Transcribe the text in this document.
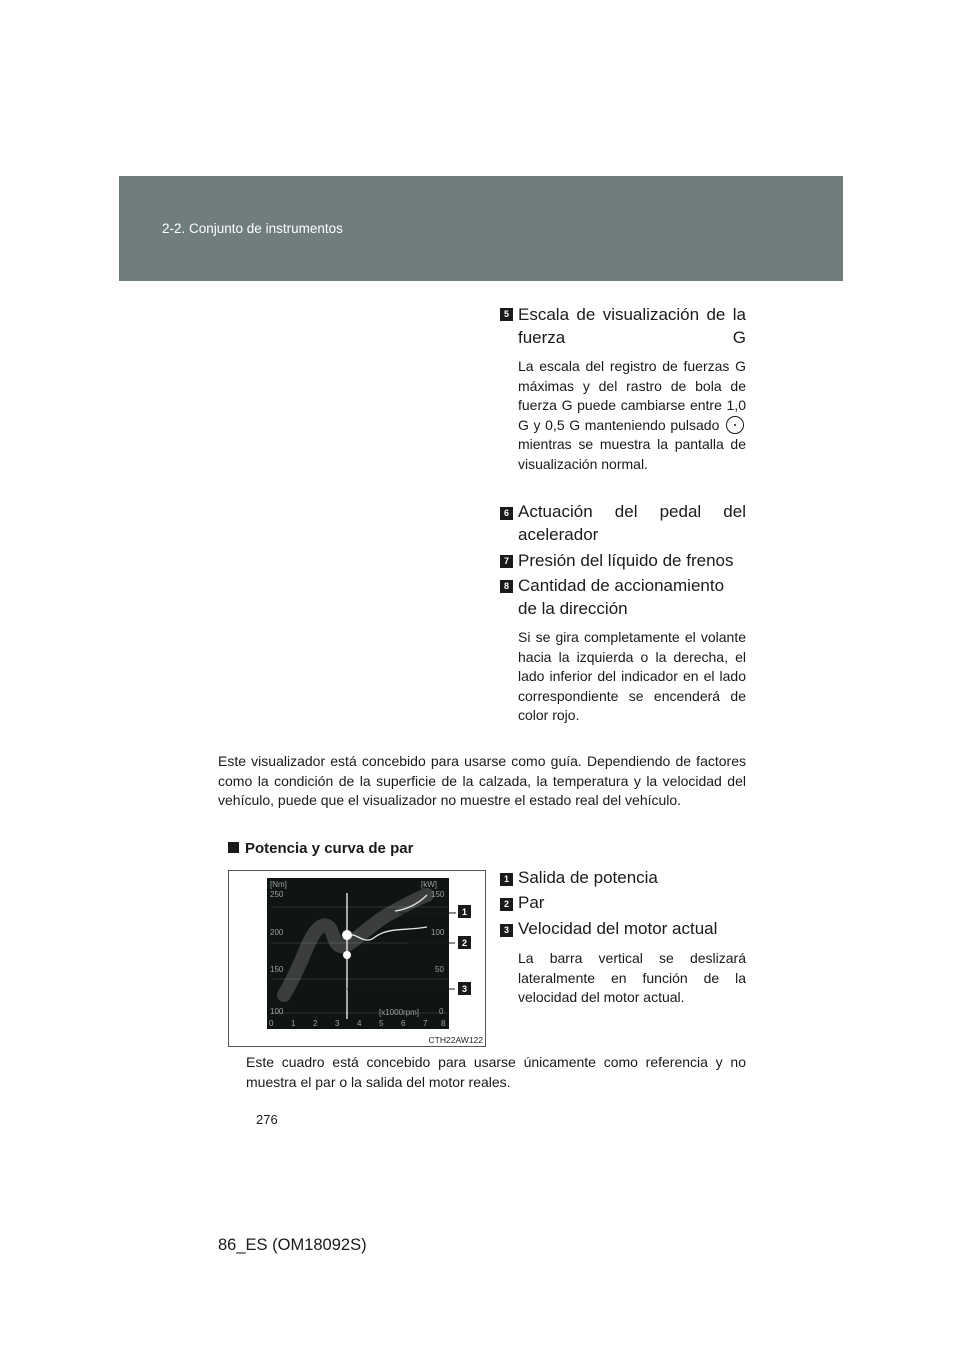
2-2. Conjunto de instrumentos
5 Escala de visualización de la fuerza G
La escala del registro de fuerzas G máximas y del rastro de bola de fuerza G puede cambiarse entre 1,0 G y 0,5 G manteniendo pulsado  mientras se muestra la pantalla de visualización normal.
6 Actuación del pedal del acelerador
7 Presión del líquido de frenos
8 Cantidad de accionamiento de la dirección
Si se gira completamente el volante hacia la izquierda o la derecha, el lado inferior del indicador en el lado correspondiente se encenderá de color rojo.
Este visualizador está concebido para usarse como guía. Dependiendo de factores como la condición de la superficie de la calzada, la temperatura y la velocidad del vehículo, puede que el visualizador no muestre el estado real del vehículo.
Potencia y curva de par
[Nm]	[kW]
[x1000rpm]
250
200
150
100
150
100
50
0
0 1 2 3 4 5 6 7 8
1
2
3
CTH22AW122
1 Salida de potencia
2 Par
3 Velocidad del motor actual
La barra vertical se deslizará lateralmente en función de la velocidad del motor actual.
Este cuadro está concebido para usarse únicamente como referencia y no muestra el par o la salida del motor reales.
276
86_ES (OM18092S)
